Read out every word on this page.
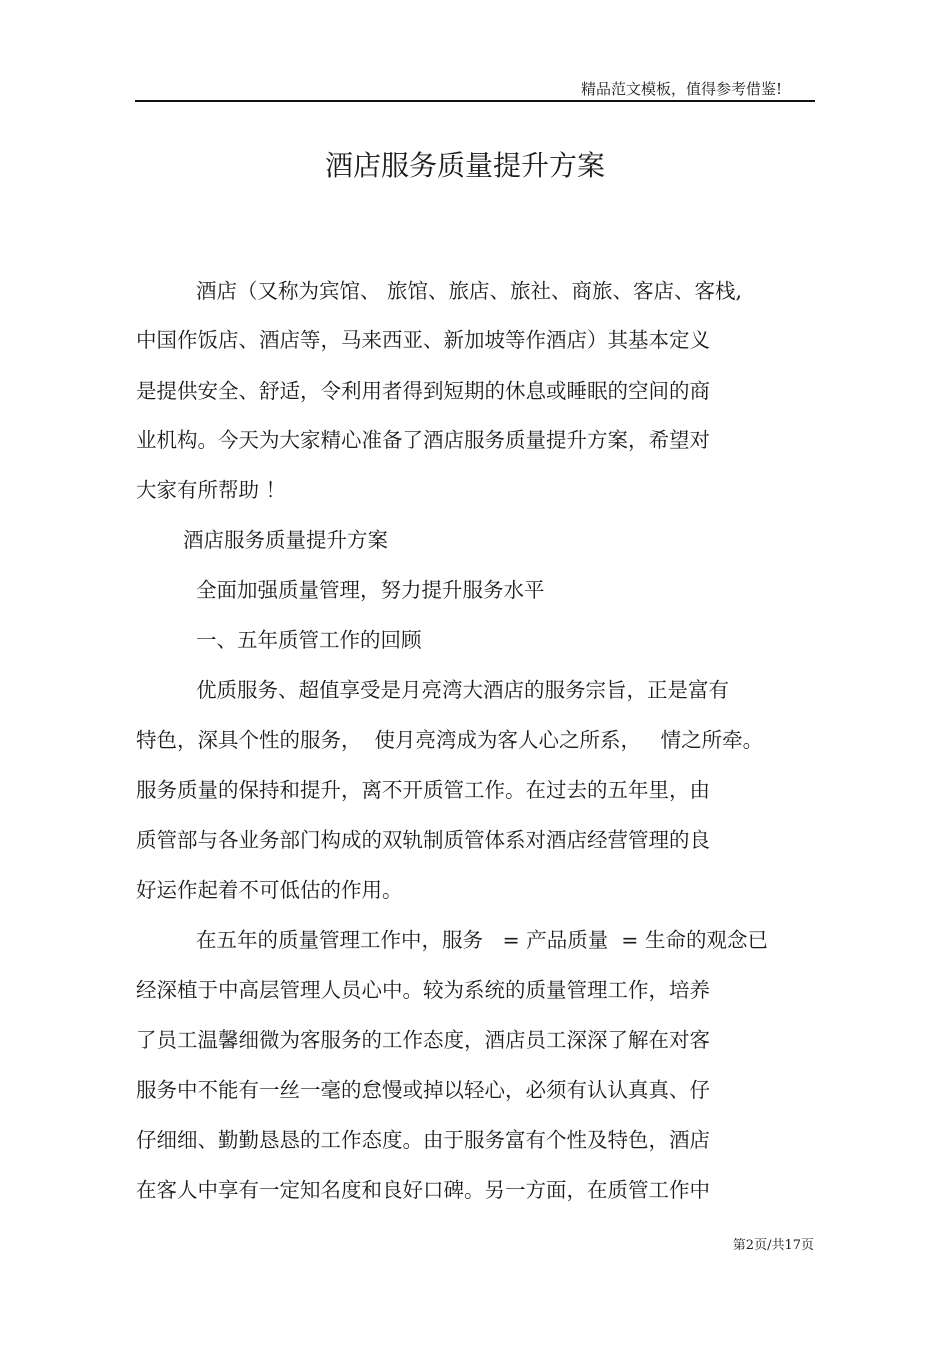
精品范文模板，值得参考借鉴!
酒店服务质量提升方案
酒店（又称为宾馆、 旅馆、旅店、旅社、商旅、客店、客栈,
中国作饭店、酒店等，马来西亚、新加坡等作酒店）其基本定义
是提供安全、舒适，令利用者得到短期的休息或睡眠的空间的商
业机构。今天为大家精心准备了酒店服务质量提升方案，希望对
大家有所帮助 ！
酒店服务质量提升方案
全面加强质量管理，努力提升服务水平
一、五年质管工作的回顾
优质服务、超值享受是月亮湾大酒店的服务宗旨，正是富有
特色，深具个性的服务，  使月亮湾成为客人心之所系，   情之所牵。
服务质量的保持和提升，离不开质管工作。在过去的五年里，由
质管部与各业务部门构成的双轨制质管体系对酒店经营管理的良
好运作起着不可低估的作用。
在五年的质量管理工作中，服务   = 产品质量  = 生命的观念已
经深植于中高层管理人员心中。较为系统的质量管理工作，培养
了员工温馨细微为客服务的工作态度，酒店员工深深了解在对客
服务中不能有一丝一毫的怠慢或掉以轻心，必须有认认真真、仔
仔细细、勤勤恳恳的工作态度。由于服务富有个性及特色，酒店
在客人中享有一定知名度和良好口碑。另一方面，在质管工作中
第2页/共17页
